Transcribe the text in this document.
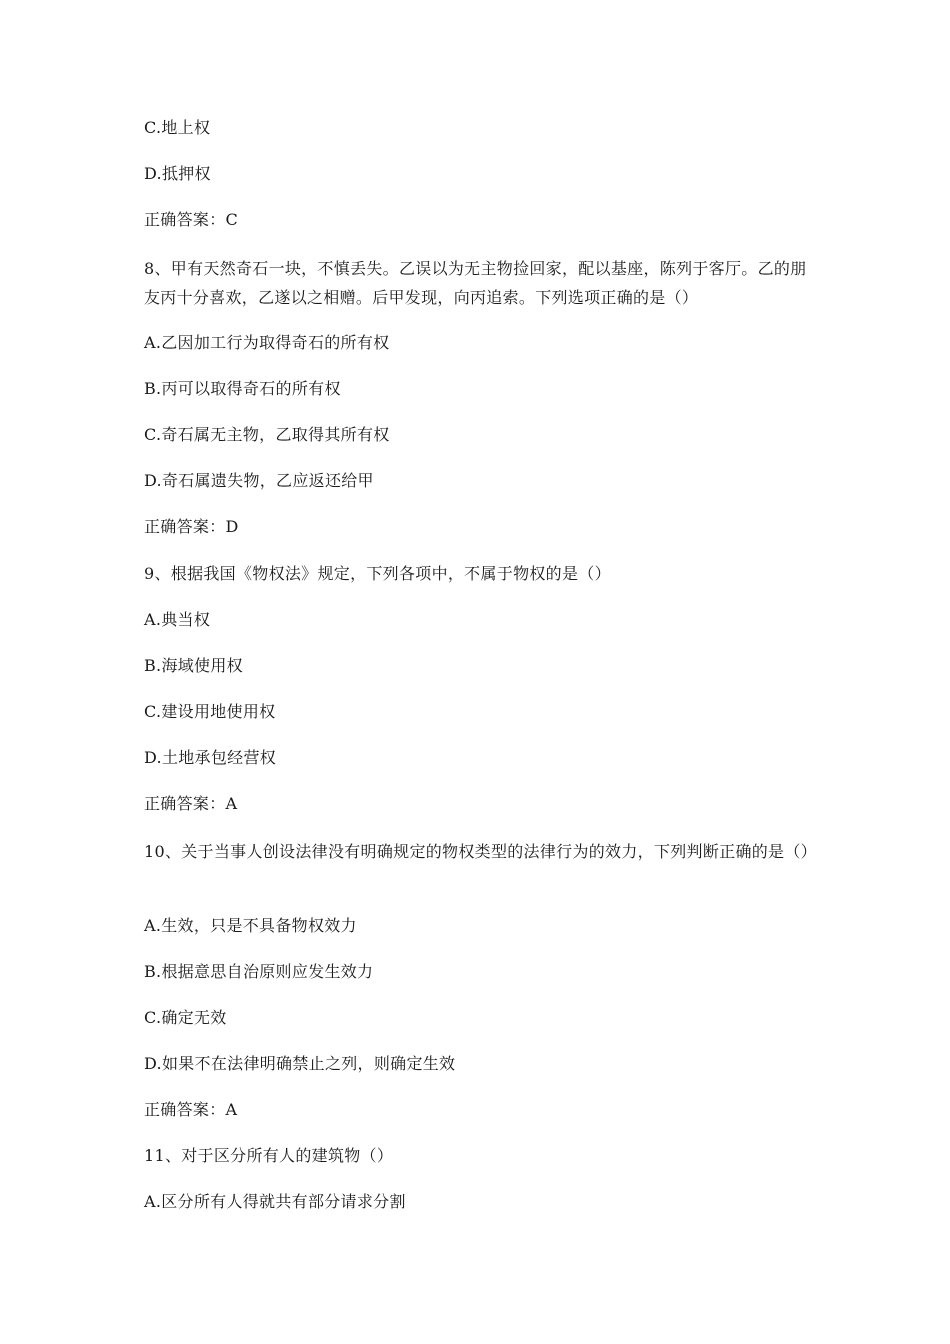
C.地上权
D.抵押权
正确答案：C
8、甲有天然奇石一块，不慎丢失。乙误以为无主物捡回家，配以基座，陈列于客厅。乙的朋友丙十分喜欢，乙遂以之相赠。后甲发现，向丙追索。下列选项正确的是（）
A.乙因加工行为取得奇石的所有权
B.丙可以取得奇石的所有权
C.奇石属无主物，乙取得其所有权
D.奇石属遗失物，乙应返还给甲
正确答案：D
9、根据我国《物权法》规定，下列各项中，不属于物权的是（）
A.典当权
B.海域使用权
C.建设用地使用权
D.土地承包经营权
正确答案：A
10、关于当事人创设法律没有明确规定的物权类型的法律行为的效力，下列判断正确的是（）
A.生效，只是不具备物权效力
B.根据意思自治原则应发生效力
C.确定无效
D.如果不在法律明确禁止之列，则确定生效
正确答案：A
11、对于区分所有人的建筑物（）
A.区分所有人得就共有部分请求分割
